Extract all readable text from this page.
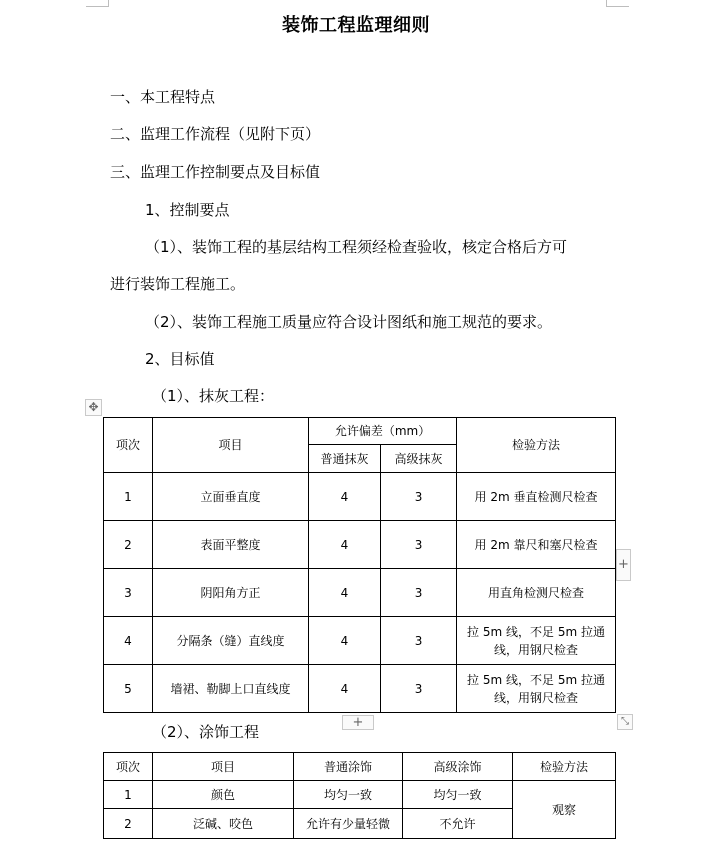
装饰工程监理细则

一、本工程特点

二、监理工作流程（见附下页）

三、监理工作控制要点及目标值

1、控制要点

（1）、装饰工程的基层结构工程须经检查验收，核定合格后方可

进行装饰工程施工。

（2）、装饰工程施工质量应符合设计图纸和施工规范的要求。

2、目标值

（1）、抹灰工程：

✥
项次	项目	允许偏差（mm）		检验方法
		普通抹灰	高级抹灰	
1	立面垂直度	4	3	用 2m 垂直检测尺检查
2	表面平整度	4	3	用 2m 靠尺和塞尺检查
3	阴阳角方正	4	3	用直角检测尺检查
4	分隔条（缝）直线度	4	3	拉 5m 线，不足 5m 拉通线，用钢尺检查
5	墙裙、勒脚上口直线度	4	3	拉 5m 线，不足 5m 拉通线，用钢尺检查
+
+	⤡

（2）、涂饰工程

项次	项目	普通涂饰	高级涂饰	检验方法
1	颜色	均匀一致	均匀一致	观察
2	泛碱、咬色	允许有少量轻微	不允许	
